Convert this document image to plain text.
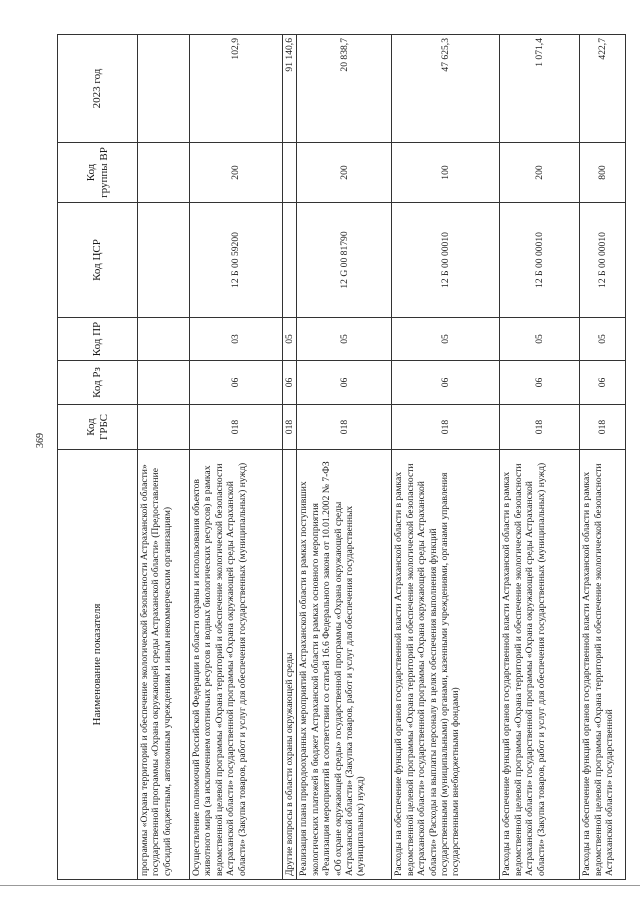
369
Наименование показателя	Код ГРБС	Код Рз	Код ПР	Код ЦСР	Код группы ВР	2023 год
программы «Охрана территорий и обеспечение экологической безопасности Астраханской области» государственной программы «Охрана окружающей среды Астраханской области» (Предоставление субсидий бюджетным, автономным учреждениям и иным некоммерческим организациям)						
Осуществление полномочий Российской Федерации в области охраны и использования объектов животного мира (за исключением охотничьих ресурсов и водных биологических ресурсов) в рамках ведомственной целевой программы «Охрана территорий и обеспечение экологической безопасности Астраханской области» государственной программы «Охрана окружающей среды Астраханской области» (Закупка товаров, работ и услуг для обеспечения государственных (муниципальных) нужд)	018	06	03	12 Б 00 59200	200	102,9
Другие вопросы в области охраны окружающей среды	018	06	05			91 140,6
Реализация плана природоохранных мероприятий Астраханской области в рамках поступивших экологических платежей в бюджет Астраханской области в рамках основного мероприятия «Реализация мероприятий в соответствии со статьей 16.6 Федерального закона от 10.01.2002 № 7-ФЗ «Об охране окружающей среды» государственной программы «Охрана окружающей среды Астраханской области» (Закупка товаров, работ и услуг для обеспечения государственных (муниципальных) нужд)	018	06	05	12 G 00 81790	200	20 838,7
Расходы на обеспечение функций органов государственной власти Астраханской области в рамках ведомственной целевой программы «Охрана территорий и обеспечение экологической безопасности Астраханской области» государственной программы «Охрана окружающей среды Астраханской области» (Расходы на выплаты персоналу в целях обеспечения выполнения функций государственными (муниципальными) органами, казенными учреждениями, органами управления государственными внебюджетными фондами)	018	06	05	12 Б 00 00010	100	47 625,3
Расходы на обеспечение функций органов государственной власти Астраханской области в рамках ведомственной целевой программы «Охрана территорий и обеспечение экологической безопасности Астраханской области» государственной программы «Охрана окружающей среды Астраханской области» (Закупка товаров, работ и услуг для обеспечения государственных (муниципальных) нужд)	018	06	05	12 Б 00 00010	200	1 071,4
Расходы на обеспечение функций органов государственной власти Астраханской области в рамках ведомственной целевой программы «Охрана территорий и обеспечение экологической безопасности Астраханской области» государственной	018	06	05	12 Б 00 00010	800	422,7
